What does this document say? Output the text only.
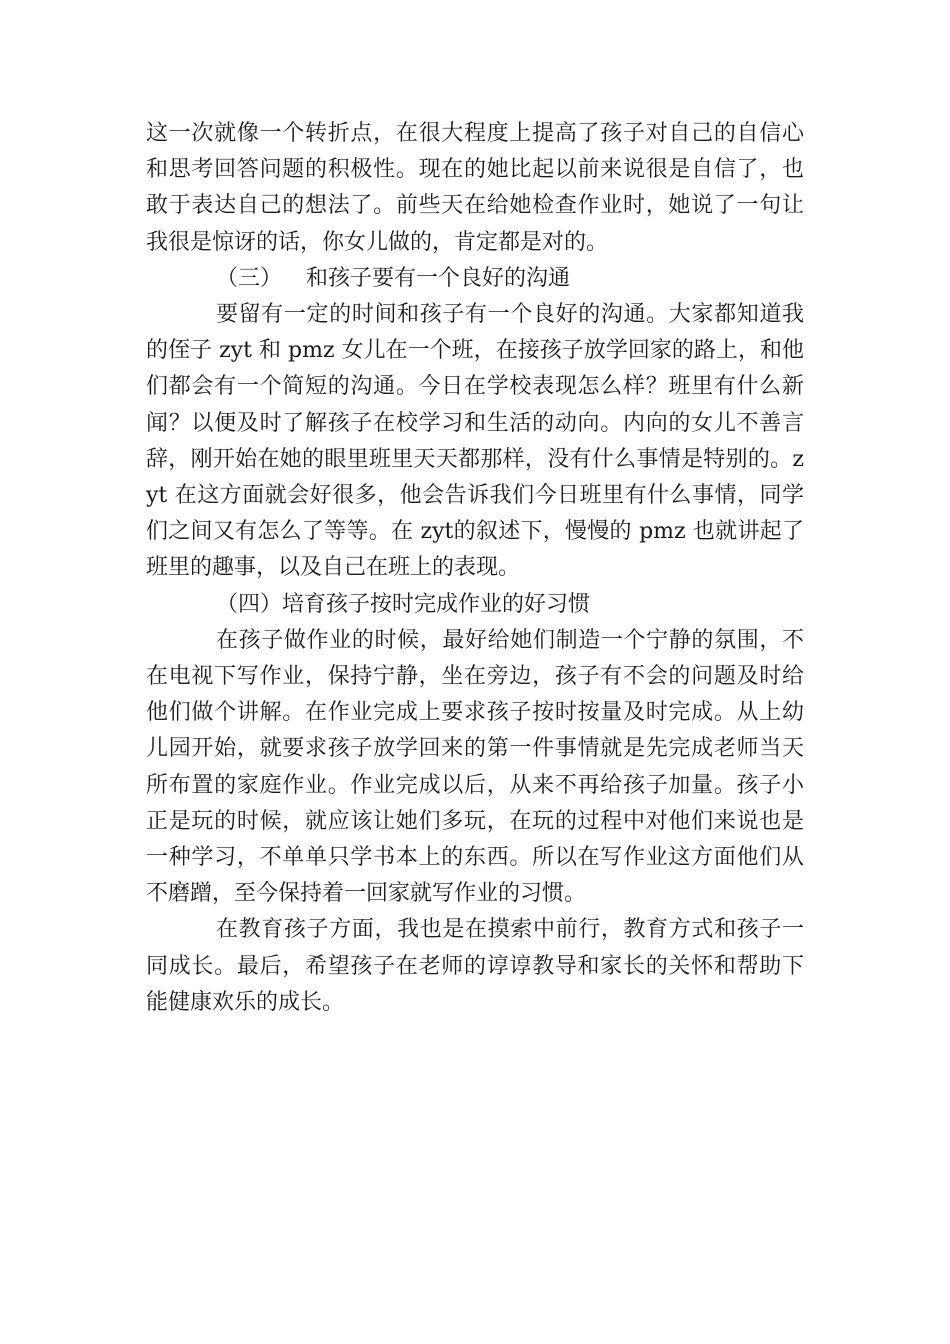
这一次就像一个转折点，在很大程度上提高了孩子对自己的自信心和思考回答问题的积极性。现在的她比起以前来说很是自信了，也敢于表达自己的想法了。前些天在给她检查作业时，她说了一句让我很是惊讶的话，你女儿做的，肯定都是对的。

（三） 和孩子要有一个良好的沟通

要留有一定的时间和孩子有一个良好的沟通。大家都知道我的侄子 zyt 和 pmz 女儿在一个班，在接孩子放学回家的路上，和他们都会有一个简短的沟通。今日在学校表现怎么样？班里有什么新闻？以便及时了解孩子在校学习和生活的动向。内向的女儿不善言辞，刚开始在她的眼里班里天天都那样，没有什么事情是特别的。zyt 在这方面就会好很多，他会告诉我们今日班里有什么事情，同学们之间又有怎么了等等。在 zyt的叙述下，慢慢的 pmz 也就讲起了班里的趣事，以及自己在班上的表现。

（四）培育孩子按时完成作业的好习惯

在孩子做作业的时候，最好给她们制造一个宁静的氛围，不在电视下写作业，保持宁静，坐在旁边，孩子有不会的问题及时给他们做个讲解。在作业完成上要求孩子按时按量及时完成。从上幼儿园开始，就要求孩子放学回来的第一件事情就是先完成老师当天所布置的家庭作业。作业完成以后，从来不再给孩子加量。孩子小正是玩的时候，就应该让她们多玩，在玩的过程中对他们来说也是一种学习，不单单只学书本上的东西。所以在写作业这方面他们从不磨蹭，至今保持着一回家就写作业的习惯。

在教育孩子方面，我也是在摸索中前行，教育方式和孩子一同成长。最后，希望孩子在老师的谆谆教导和家长的关怀和帮助下能健康欢乐的成长。
